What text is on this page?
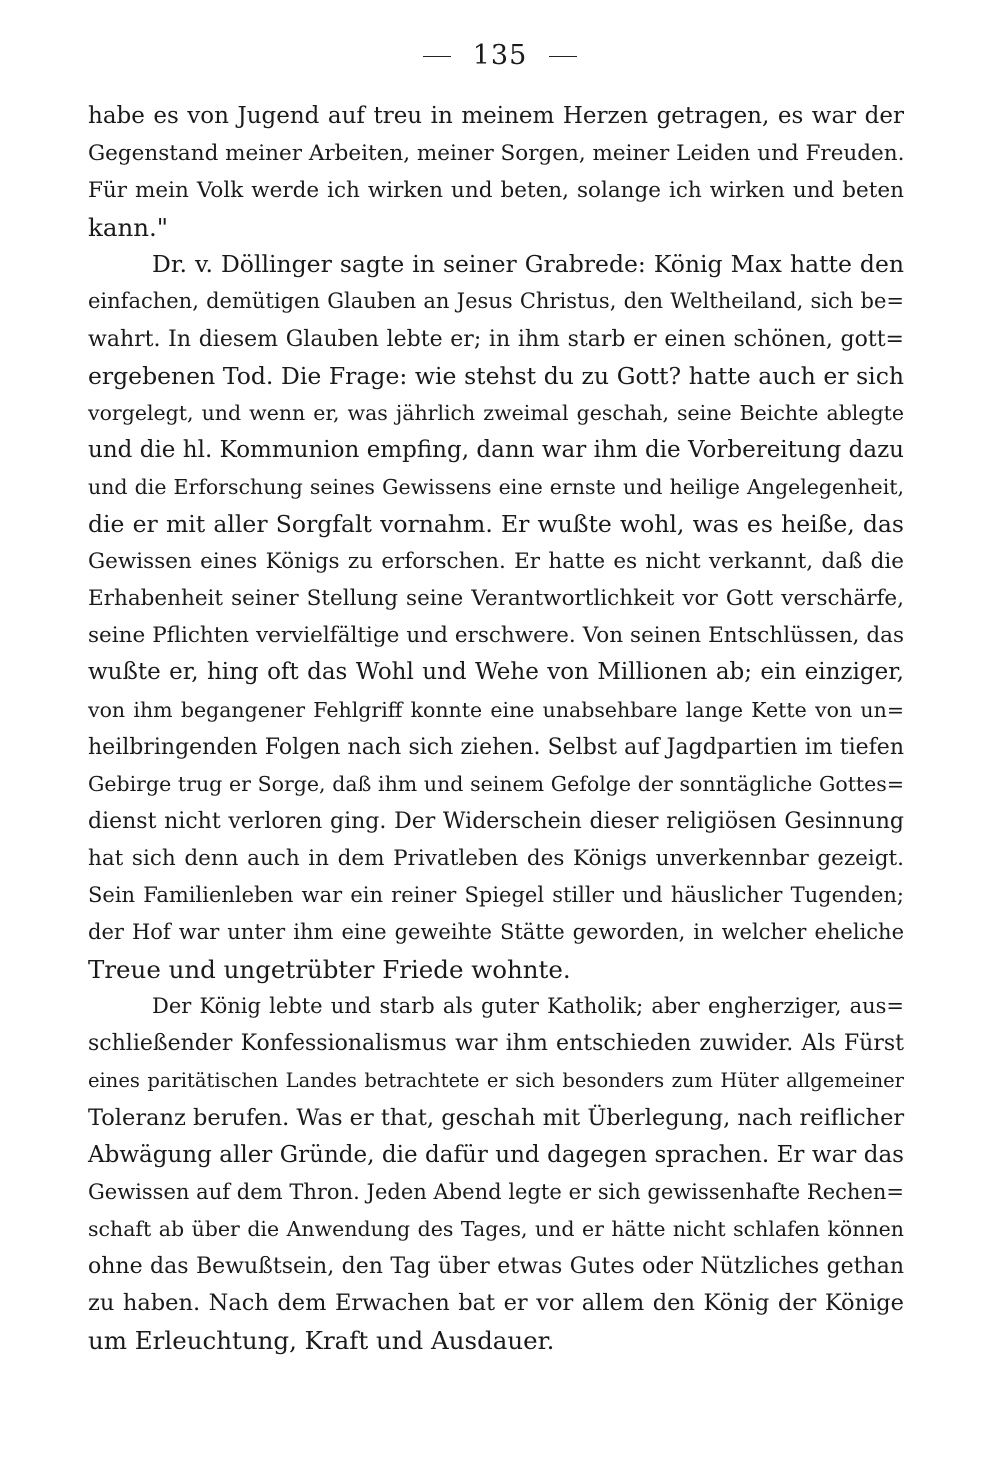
135
habe es von Jugend auf treu in meinem Herzen getragen, es war der
Gegenstand meiner Arbeiten, meiner Sorgen, meiner Leiden und Freuden.
Für mein Volk werde ich wirken und beten, solange ich wirken und beten
kann."
Dr. v. Döllinger sagte in seiner Grabrede: König Max hatte den
einfachen, demütigen Glauben an Jesus Christus, den Weltheiland, sich be=
wahrt. In diesem Glauben lebte er; in ihm starb er einen schönen, gott=
ergebenen Tod. Die Frage: wie stehst du zu Gott? hatte auch er sich
vorgelegt, und wenn er, was jährlich zweimal geschah, seine Beichte ablegte
und die hl. Kommunion empfing, dann war ihm die Vorbereitung dazu
und die Erforschung seines Gewissens eine ernste und heilige Angelegenheit,
die er mit aller Sorgfalt vornahm. Er wußte wohl, was es heiße, das
Gewissen eines Königs zu erforschen. Er hatte es nicht verkannt, daß die
Erhabenheit seiner Stellung seine Verantwortlichkeit vor Gott verschärfe,
seine Pflichten vervielfältige und erschwere. Von seinen Entschlüssen, das
wußte er, hing oft das Wohl und Wehe von Millionen ab; ein einziger,
von ihm begangener Fehlgriff konnte eine unabsehbare lange Kette von un=
heilbringenden Folgen nach sich ziehen. Selbst auf Jagdpartien im tiefen
Gebirge trug er Sorge, daß ihm und seinem Gefolge der sonntägliche Gottes=
dienst nicht verloren ging. Der Widerschein dieser religiösen Gesinnung
hat sich denn auch in dem Privatleben des Königs unverkennbar gezeigt.
Sein Familienleben war ein reiner Spiegel stiller und häuslicher Tugenden;
der Hof war unter ihm eine geweihte Stätte geworden, in welcher eheliche
Treue und ungetrübter Friede wohnte.
Der König lebte und starb als guter Katholik; aber engherziger, aus=
schließender Konfessionalismus war ihm entschieden zuwider. Als Fürst
eines paritätischen Landes betrachtete er sich besonders zum Hüter allgemeiner
Toleranz berufen. Was er that, geschah mit Überlegung, nach reiflicher
Abwägung aller Gründe, die dafür und dagegen sprachen. Er war das
Gewissen auf dem Thron. Jeden Abend legte er sich gewissenhafte Rechen=
schaft ab über die Anwendung des Tages, und er hätte nicht schlafen können
ohne das Bewußtsein, den Tag über etwas Gutes oder Nützliches gethan
zu haben. Nach dem Erwachen bat er vor allem den König der Könige
um Erleuchtung, Kraft und Ausdauer.
